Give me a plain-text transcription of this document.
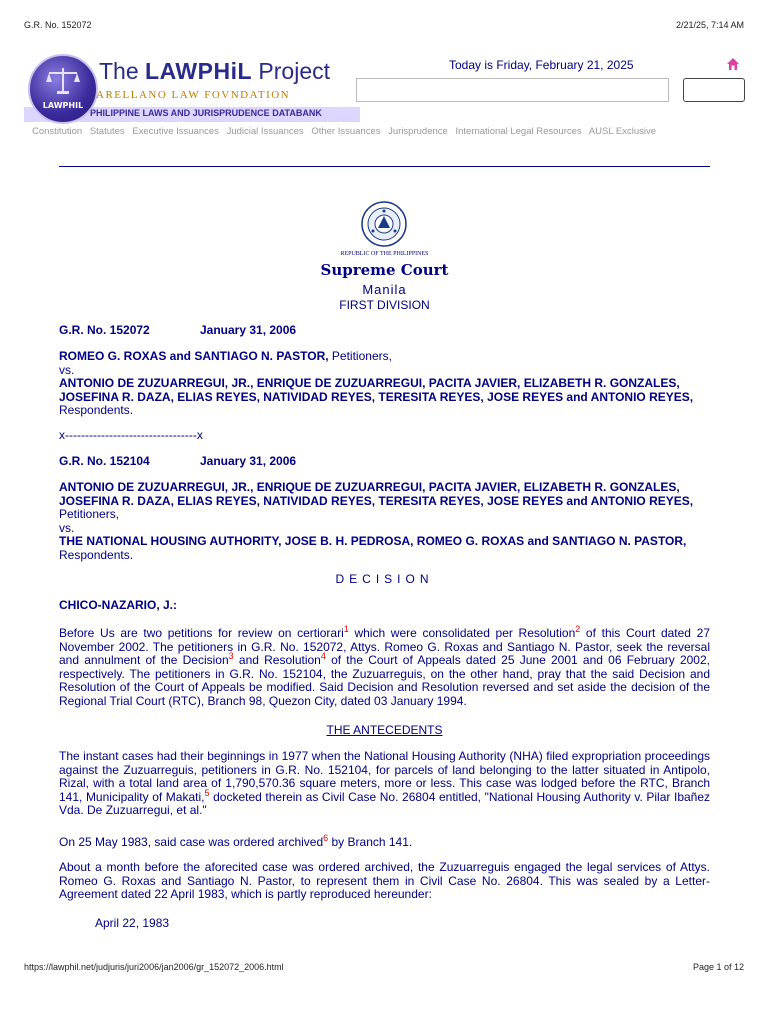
G.R. No. 152072	2/21/25, 7:14 AM
PHILIPPINE LAWS AND JURISPRUDENCE DATABANK
LAWPHIL
The LAWPHiL Project
ARELLANO LAW FOVNDATION
Today is Friday, February 21, 2025
Constitution Statutes Executive Issuances Judicial Issuances Other Issuances Jurisprudence International Legal Resources AUSL Exclusive
REPUBLIC OF THE PHILIPPINES
Supreme Court
Manila
FIRST DIVISION
G.R. No. 152072	January 31, 2006
ROMEO G. ROXAS and SANTIAGO N. PASTOR, Petitioners,
vs.
ANTONIO DE ZUZUARREGUI, JR., ENRIQUE DE ZUZUARREGUI, PACITA JAVIER, ELIZABETH R. GONZALES, JOSEFINA R. DAZA, ELIAS REYES, NATIVIDAD REYES, TERESITA REYES, JOSE REYES and ANTONIO REYES, Respondents.
x---------------------------------x
G.R. No. 152104	January 31, 2006
ANTONIO DE ZUZUARREGUI, JR., ENRIQUE DE ZUZUARREGUI, PACITA JAVIER, ELIZABETH R. GONZALES, JOSEFINA R. DAZA, ELIAS REYES, NATIVIDAD REYES, TERESITA REYES, JOSE REYES and ANTONIO REYES, Petitioners,
vs.
THE NATIONAL HOUSING AUTHORITY, JOSE B. H. PEDROSA, ROMEO G. ROXAS and SANTIAGO N. PASTOR, Respondents.
DECISION
CHICO-NAZARIO, J.:
Before Us are two petitions for review on certiorari$^1$ which were consolidated per Resolution$^2$ of this Court dated 27 November 2002. The petitioners in G.R. No. 152072, Attys. Romeo G. Roxas and Santiago N. Pastor, seek the reversal and annulment of the Decision$^3$ and Resolution$^4$ of the Court of Appeals dated 25 June 2001 and 06 February 2002, respectively. The petitioners in G.R. No. 152104, the Zuzuarreguis, on the other hand, pray that the said Decision and Resolution of the Court of Appeals be modified. Said Decision and Resolution reversed and set aside the decision of the Regional Trial Court (RTC), Branch 98, Quezon City, dated 03 January 1994.
THE ANTECEDENTS
The instant cases had their beginnings in 1977 when the National Housing Authority (NHA) filed expropriation proceedings against the Zuzuarreguis, petitioners in G.R. No. 152104, for parcels of land belonging to the latter situated in Antipolo, Rizal, with a total land area of 1,790,570.36 square meters, more or less. This case was lodged before the RTC, Branch 141, Municipality of Makati,$^5$ docketed therein as Civil Case No. 26804 entitled, "National Housing Authority v. Pilar Ibañez Vda. De Zuzuarregui, et al."
On 25 May 1983, said case was ordered archived$^6$ by Branch 141.
About a month before the aforecited case was ordered archived, the Zuzuarreguis engaged the legal services of Attys. Romeo G. Roxas and Santiago N. Pastor, to represent them in Civil Case No. 26804. This was sealed by a Letter-Agreement dated 22 April 1983, which is partly reproduced hereunder:
April 22, 1983
https://lawphil.net/judjuris/juri2006/jan2006/gr_152072_2006.html	Page 1 of 12
